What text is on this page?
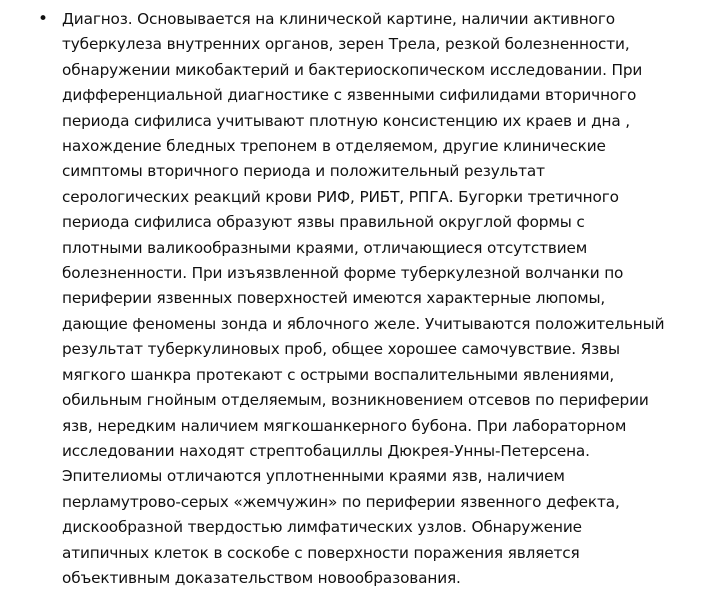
• Диагноз. Основывается на клинической картине, наличии активного
туберкулеза внутренних органов, зерен Трела, резкой болезненности,
обнаружении микобактерий и бактериоскопическом исследовании. При
дифференциальной диагностике с язвенными сифилидами вторичного
периода сифилиса учитывают плотную консистенцию их краев и дна ,
нахождение бледных трепонем в отделяемом, другие клинические
симптомы вторичного периода и положительный результат
серологических реакций крови РИФ, РИБТ, РПГА. Бугорки третичного
периода сифилиса образуют язвы правильной округлой формы с
плотными валикообразными краями, отличающиеся отсутствием
болезненности. При изъязвленной форме туберкулезной волчанки по
периферии язвенных поверхностей имеются характерные люпомы,
дающие феномены зонда и яблочного желе. Учитываются положительный
результат туберкулиновых проб, общее хорошее самочувствие. Язвы
мягкого шанкра протекают с острыми воспалительными явлениями,
обильным гнойным отделяемым, возникновением отсевов по периферии
язв, нередким наличием мягкошанкерного бубона. При лабораторном
исследовании находят стрептобациллы Дюкрея-Унны-Петерсена.
Эпителиомы отличаются уплотненными краями язв, наличием
перламутрово-серых «жемчужин» по периферии язвенного дефекта,
дискообразной твердостью лимфатических узлов. Обнаружение
атипичных клеток в соскобе с поверхности поражения является
объективным доказательством новообразования.
